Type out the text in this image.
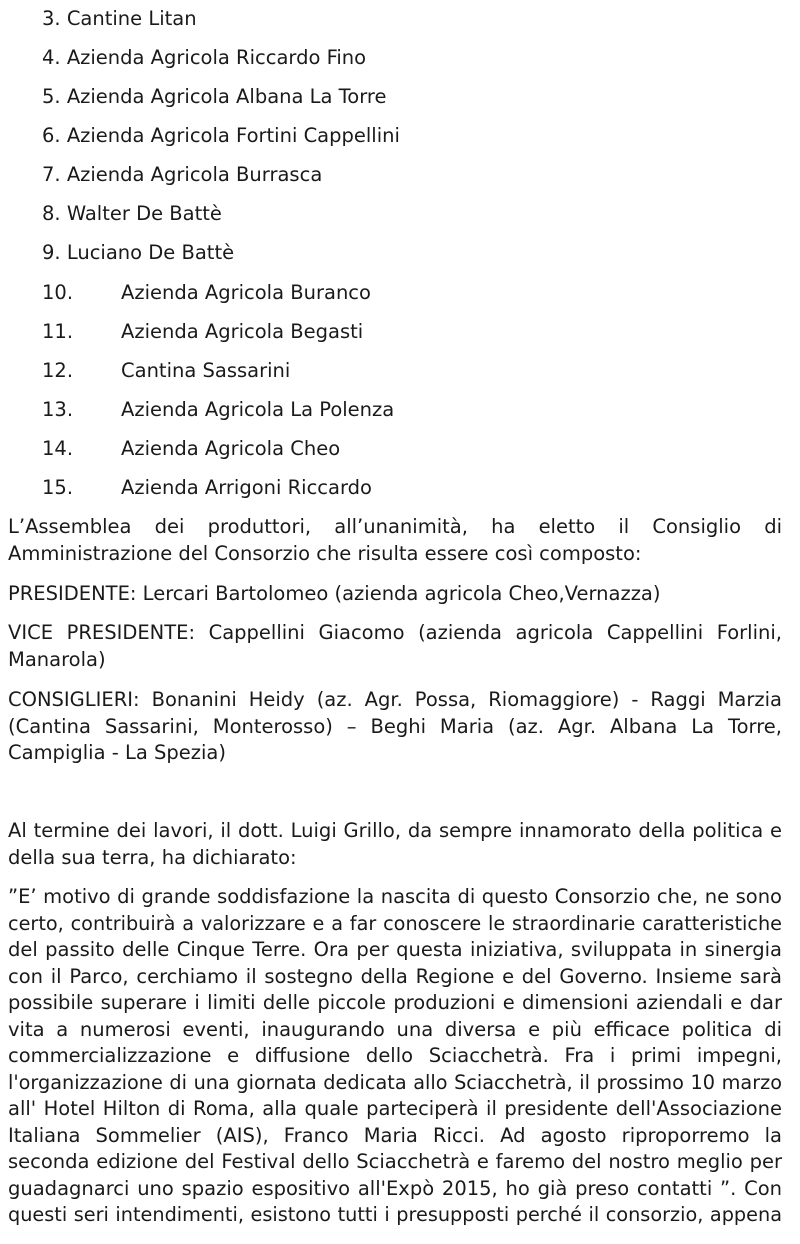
3. Cantine Litan
4. Azienda Agricola Riccardo Fino
5. Azienda Agricola Albana La Torre
6. Azienda Agricola Fortini Cappellini
7. Azienda Agricola Burrasca
8. Walter De Battè
9. Luciano De Battè
10. Azienda Agricola Buranco
11. Azienda Agricola Begasti
12. Cantina Sassarini
13. Azienda Agricola La Polenza
14. Azienda Agricola Cheo
15. Azienda Arrigoni Riccardo

L’Assemblea dei produttori, all’unanimità, ha eletto il Consiglio di
Amministrazione del Consorzio che risulta essere così composto:

PRESIDENTE: Lercari Bartolomeo (azienda agricola Cheo,Vernazza)

VICE PRESIDENTE: Cappellini Giacomo (azienda agricola Cappellini Forlini,
Manarola)

CONSIGLIERI: Bonanini Heidy (az. Agr. Possa, Riomaggiore) - Raggi Marzia
(Cantina Sassarini, Monterosso) – Beghi Maria (az. Agr. Albana La Torre,
Campiglia - La Spezia)

Al termine dei lavori, il dott. Luigi Grillo, da sempre innamorato della politica e
della sua terra, ha dichiarato:

”E’ motivo di grande soddisfazione la nascita di questo Consorzio che, ne sono
certo, contribuirà a valorizzare e a far conoscere le straordinarie caratteristiche
del passito delle Cinque Terre. Ora per questa iniziativa, sviluppata in sinergia
con il Parco, cerchiamo il sostegno della Regione e del Governo. Insieme sarà
possibile superare i limiti delle piccole produzioni e dimensioni aziendali e dar
vita a numerosi eventi, inaugurando una diversa e più efficace politica di
commercializzazione e diffusione dello Sciacchetrà. Fra i primi impegni,
l'organizzazione di una giornata dedicata allo Sciacchetrà, il prossimo 10 marzo
all' Hotel Hilton di Roma, alla quale parteciperà il presidente dell'Associazione
Italiana Sommelier (AIS), Franco Maria Ricci. Ad agosto riproporremo la
seconda edizione del Festival dello Sciacchetrà e faremo del nostro meglio per
guadagnarci uno spazio espositivo all'Expò 2015, ho già preso contatti ”. Con
questi seri intendimenti, esistono tutti i presupposti perché il consorzio, appena
